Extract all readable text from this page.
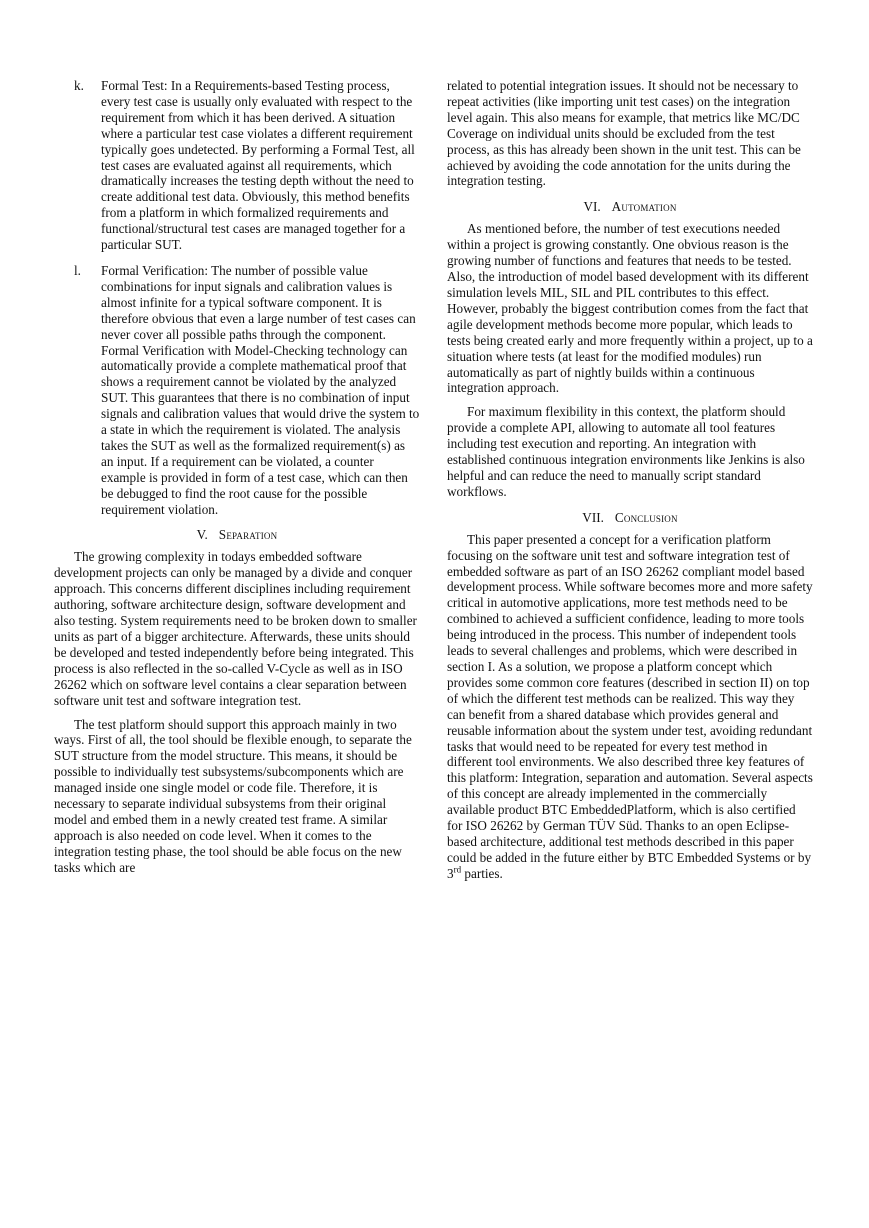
k. Formal Test: In a Requirements-based Testing process, every test case is usually only evaluated with respect to the requirement from which it has been derived. A situation where a particular test case violates a different requirement typically goes undetected. By performing a Formal Test, all test cases are evaluated against all requirements, which dramatically increases the testing depth without the need to create additional test data. Obviously, this method benefits from a platform in which formalized requirements and functional/structural test cases are managed together for a particular SUT.

l. Formal Verification: The number of possible value combinations for input signals and calibration values is almost infinite for a typical software component. It is therefore obvious that even a large number of test cases can never cover all possible paths through the component. Formal Verification with Model-Checking technology can automatically provide a complete mathematical proof that shows a requirement cannot be violated by the analyzed SUT. This guarantees that there is no combination of input signals and calibration values that would drive the system to a state in which the requirement is violated. The analysis takes the SUT as well as the formalized requirement(s) as an input. If a requirement can be violated, a counter example is provided in form of a test case, which can then be debugged to find the root cause for the possible requirement violation.

V. Separation

The growing complexity in todays embedded software development projects can only be managed by a divide and conquer approach. This concerns different disciplines including requirement authoring, software architecture design, software development and also testing. System requirements need to be broken down to smaller units as part of a bigger architecture. Afterwards, these units should be developed and tested independently before being integrated. This process is also reflected in the so-called V-Cycle as well as in ISO 26262 which on software level contains a clear separation between software unit test and software integration test.

The test platform should support this approach mainly in two ways. First of all, the tool should be flexible enough, to separate the SUT structure from the model structure. This means, it should be possible to individually test subsystems/subcomponents which are managed inside one single model or code file. Therefore, it is necessary to separate individual subsystems from their original model and embed them in a newly created test frame. A similar approach is also needed on code level. When it comes to the integration testing phase, the tool should be able focus on the new tasks which are

related to potential integration issues. It should not be necessary to repeat activities (like importing unit test cases) on the integration level again. This also means for example, that metrics like MC/DC Coverage on individual units should be excluded from the test process, as this has already been shown in the unit test. This can be achieved by avoiding the code annotation for the units during the integration testing.

VI. Automation

As mentioned before, the number of test executions needed within a project is growing constantly. One obvious reason is the growing number of functions and features that needs to be tested. Also, the introduction of model based development with its different simulation levels MIL, SIL and PIL contributes to this effect. However, probably the biggest contribution comes from the fact that agile development methods become more popular, which leads to tests being created early and more frequently within a project, up to a situation where tests (at least for the modified modules) run automatically as part of nightly builds within a continuous integration approach.

For maximum flexibility in this context, the platform should provide a complete API, allowing to automate all tool features including test execution and reporting. An integration with established continuous integration environments like Jenkins is also helpful and can reduce the need to manually script standard workflows.

VII. Conclusion

This paper presented a concept for a verification platform focusing on the software unit test and software integration test of embedded software as part of an ISO 26262 compliant model based development process. While software becomes more and more safety critical in automotive applications, more test methods need to be combined to achieved a sufficient confidence, leading to more tools being introduced in the process. This number of independent tools leads to several challenges and problems, which were described in section I. As a solution, we propose a platform concept which provides some common core features (described in section II) on top of which the different test methods can be realized. This way they can benefit from a shared database which provides general and reusable information about the system under test, avoiding redundant tasks that would need to be repeated for every test method in different tool environments. We also described three key features of this platform: Integration, separation and automation. Several aspects of this concept are already implemented in the commercially available product BTC EmbeddedPlatform, which is also certified for ISO 26262 by German TÜV Süd. Thanks to an open Eclipse-based architecture, additional test methods described in this paper could be added in the future either by BTC Embedded Systems or by 3rd parties.
